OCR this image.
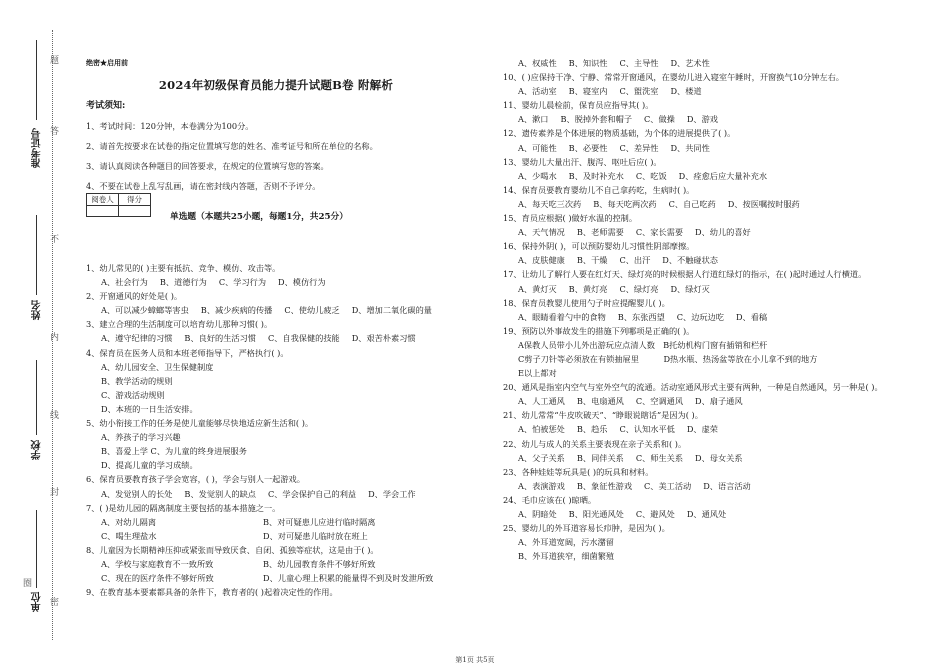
题
答
不
内
线
封
密
准考证号
姓名
学校
单位
圈
绝密★启用前
2024年初级保育员能力提升试题B卷 附解析
考试须知:

1、考试时间：120分钟，本卷满分为100分。

2、请首先按要求在试卷的指定位置填写您的姓名、准考证号和所在单位的名称。

3、请认真阅读各种题目的回答要求，在规定的位置填写您的答案。

4、不要在试卷上乱写乱画，请在密封线内答题，否则不予评分。

阅卷人	得分

单选题（本题共25小题，每题1分，共25分）
1、幼儿常见的( )主要有抵抗、竞争、模仿、攻击等。
A、社会行为 B、道德行为 C、学习行为 D、模仿行为
2、开窗通风的好处是( )。
A、可以减少蟑螂等害虫 B、减少疾病的传播 C、使幼儿疲乏 D、增加二氧化碳的量
3、建立合理的生活制度可以培育幼儿那种习惯( )。
A、遵守纪律的习惯 B、良好的生活习惯 C、自我保健的技能 D、艰苦朴素习惯
4、保育员在医务人员和本班老师指导下，严格执行( )。
A、幼儿园安全、卫生保健制度
B、教学活动的规则
C、游戏活动规则
D、本班的一日生活安排。
5、幼小衔接工作的任务是使儿童能够尽快地适应新生活和( )。
A、养孩子的学习兴趣
B、喜爱上学 C、为儿童的终身进展服务
D、提高儿童的学习成绩。
6、保育员要教育孩子学会宽容，( )，学会与别人一起游戏。
A、发觉别人的长处 B、发觉别人的缺点 C、学会保护自己的利益 D、学会工作
7、( )是幼儿园的隔离制度主要包括的基本措施之一。
A、对幼儿隔离	B、对可疑患儿应进行临时隔离
C、喝生理盐水	D、对可疑患儿临时放在班上
8、儿童因为长期精神压抑或紧张而导致厌食、自闭、孤独等症状，这是由于( )。
A、学校与家庭教育不一致所致	B、幼儿园教育条件不够好所致
C、现在的医疗条件不够好所致	D、儿童心理上积累的能量得不到及时发泄所致
9、在教育基本要素都具备的条件下，教育者的( )起着决定性的作用。
A、权威性 B、知识性 C、主导性 D、艺术性
10、( )应保持干净、宁静、常常开窗通风，在婴幼儿进入寝室午睡时，开窗换气10分钟左右。
A、活动室 B、寝室内 C、盥洗室 D、楼道
11、婴幼儿晨检前，保育员应指导其( )。
A、漱口 B、脱掉外套和帽子 C、做操 D、游戏
12、遗传素养是个体进展的物质基础，为个体的进展提供了( )。
A、可能性 B、必要性 C、差异性 D、共同性
13、婴幼儿大量出汗、腹泻、呕吐后应( )。
A、少喝水 B、及时补充水 C、吃饭 D、痊愈后应大量补充水
14、保育员要教育婴幼儿不自己拿药吃，生病时( )。
A、每天吃三次药 B、每天吃两次药 C、自己吃药 D、按医嘱按时服药
15、育员应根据( )做好水温的控制。
A、天气情况 B、老师需要 C、家长需要 D、幼儿的喜好
16、保持外阴( )，可以预防婴幼儿习惯性阴部摩擦。
A、皮肤健康 B、干燥 C、出汗 D、不触碰状态
17、让幼儿了解行人要在红灯天、绿灯亮的时候根据人行道红绿灯的指示，在( )起时通过人行横道。
A、黄灯灭 B、黄灯亮 C、绿灯亮 D、绿灯灭
18、保育员教婴儿使用勺子时应提醒婴儿( )。
A、眼睛看着勺中的食物 B、东张西望 C、边玩边吃 D、看稿
19、预防以外事故发生的措施下列哪项是正确的( )。
A保教人员带小儿外出游玩应点清人数　B托幼机构门窗有插销和栏杆
C剪子刀针等必须放在有锁抽屉里　　　D热水瓶、热汤盆等放在小儿拿不到的地方
E以上都对
20、通风是指室内空气与室外空气的流通。活动室通风形式主要有两种，一种是自然通风，另一种是( )。
A、人工通风 B、电扇通风 C、空调通风 D、扇子通风
21、幼儿常常“牛皮吹破天”、“睁眼说瞎话”是因为( )。
A、怕被惩处 B、趋乐 C、认知水平低 D、虚荣
22、幼儿与成人的关系主要表现在亲子关系和( )。
A、父子关系 B、同伴关系 C、师生关系 D、母女关系
23、各种娃娃等玩具是( )的玩具和材料。
A、表演游戏 B、象征性游戏 C、美工活动 D、语言活动
24、毛巾应该在( )晾晒。
A、阴暗处 B、阳光通风处 C、避风处 D、通风处
25、婴幼儿的外耳道容易长疖肿，是因为( )。
A、外耳道宽阔，污水潴留
B、外耳道狭窄，细菌繁殖
第1页 共5页
